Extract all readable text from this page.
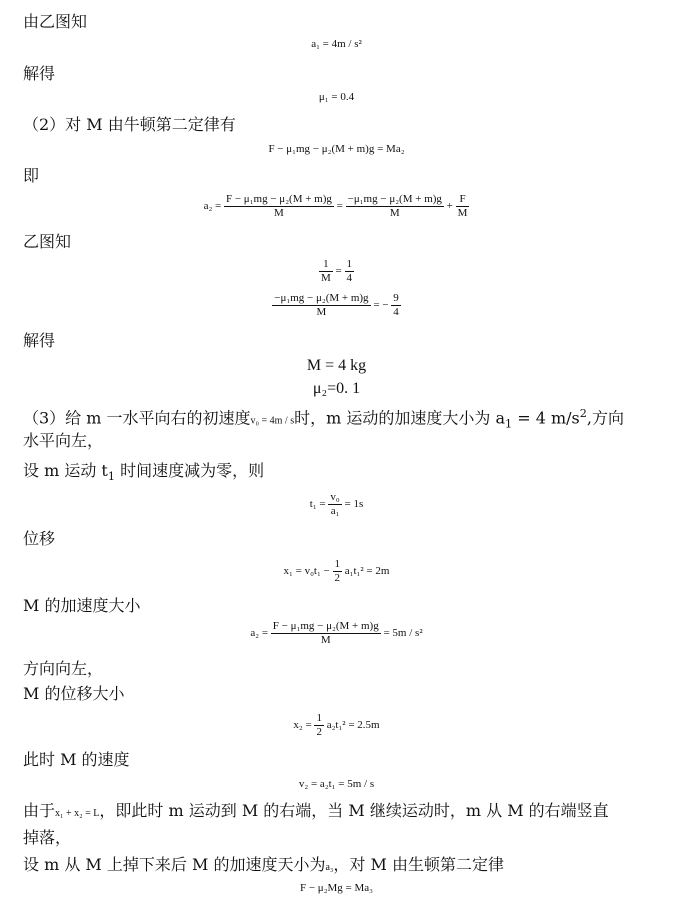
由乙图知
a₁ = 4m / s²
解得
μ₁ = 0.4
（2）对 M 由牛顿第二定律有
F − μ₁mg − μ₂(M + m)g = Ma₂
即
$a_2 = \frac{\text{F − μ₁mg − μ₂(M + m)g}}{M} = \frac{\text{−μ₁mg − μ₂(M + m)g}}{M} + \frac{F}{M}$
乙图知
$\frac{1}{M} = \frac{1}{4}$
$\frac{\text{−μ₁mg − μ₂(M + m)g}}{M}$ = − $\frac{9}{4}$
解得
M = 4 kg
μ₂=0. 1
（3）给 m 一水平向右的初速度v₀ = 4m / s时，m 运动的加速度大小为 $a_1 = 4$ $m/s^2$,方向
水平向左，
设 m 运动 $t_1$ 时间速度减为零，则
$t_1 = \frac{\text{v₀}}{\text{a₁}} = 1s$
位移
$x_1 = v_0t_1 - \frac{1}{2} a_1t_1^2 = 2m$
M 的加速度大小
$a_2 = \frac{\text{F − μ₁mg − μ₂(M + m)g}}{M} = 5m / s^2$
方向向左，
M 的位移大小
$x_2 = \frac{1}{2} a_2t_1^2 = 2.5m$
此时 M 的速度
v₂ = a₂t₁ = 5m / s
由于x₁ + x₂ = L，即此时 m 运动到 M 的右端，当 M 继续运动时，m 从 M 的右端竖直
掉落，
设 m 从 M 上掉下来后 M 的加速度天小为a₃，对 M 由生顿第二定律
F − μ₂Mg = Ma₃
